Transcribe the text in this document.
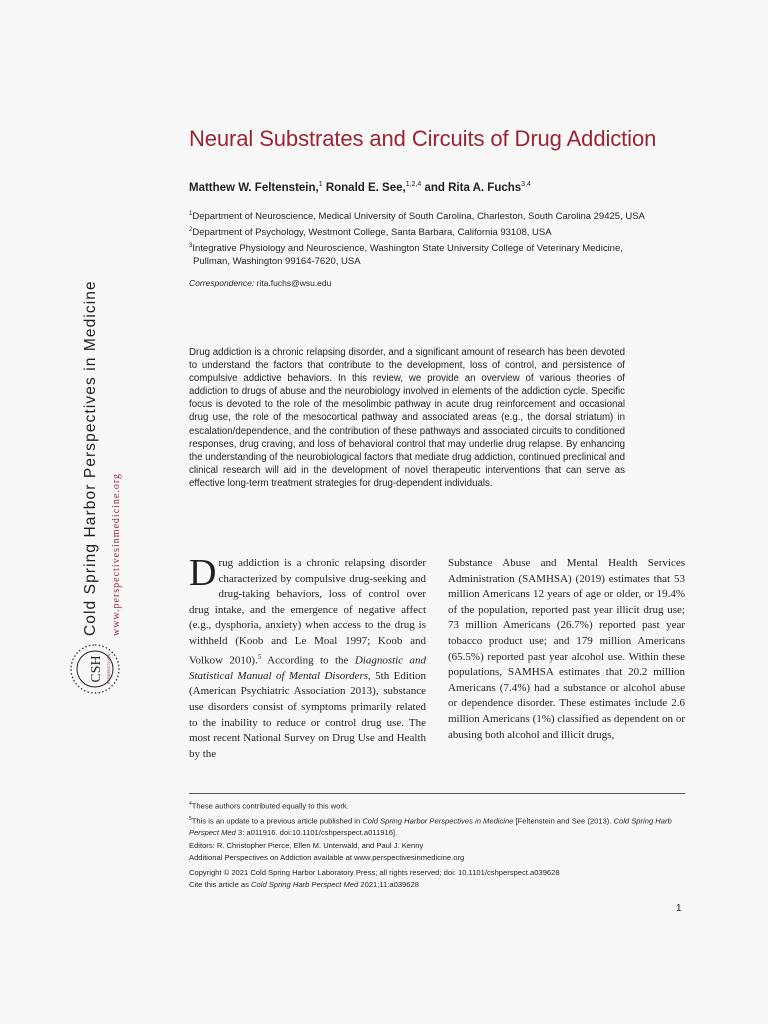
Cold Spring Harbor Perspectives in Medicine www.perspectivesinmedicine.org
CSH PERSPECTIVES
Neural Substrates and Circuits of Drug Addiction
Matthew W. Feltenstein,$^1$ Ronald E. See,$^{1,2,4}$ and Rita A. Fuchs$^{3,4}$
$^1$Department of Neuroscience, Medical University of South Carolina, Charleston, South Carolina 29425, USA
$^2$Department of Psychology, Westmont College, Santa Barbara, California 93108, USA
$^3$Integrative Physiology and Neuroscience, Washington State University College of Veterinary Medicine,
Pullman, Washington 99164-7620, USA
Correspondence: rita.fuchs@wsu.edu
Drug addiction is a chronic relapsing disorder, and a significant amount of research has been devoted to understand the factors that contribute to the development, loss of control, and persistence of compulsive addictive behaviors. In this review, we provide an overview of various theories of addiction to drugs of abuse and the neurobiology involved in elements of the addiction cycle. Specific focus is devoted to the role of the mesolimbic pathway in acute drug reinforcement and occasional drug use, the role of the mesocortical pathway and associated areas (e.g., the dorsal striatum) in escalation/dependence, and the contribution of these pathways and associated circuits to conditioned responses, drug craving, and loss of behavioral control that may underlie drug relapse. By enhancing the understanding of the neurobiological factors that mediate drug addiction, continued preclinical and clinical research will aid in the development of novel therapeutic interventions that can serve as effective long-term treatment strategies for drug-dependent individuals.
Drug addiction is a chronic relapsing disorder characterized by compulsive drug-seeking and drug-taking behaviors, loss of control over drug intake, and the emergence of negative affect (e.g., dysphoria, anxiety) when access to the drug is withheld (Koob and Le Moal 1997; Koob and Volkow 2010).$^5$ According to the Diagnostic and Statistical Manual of Mental Disorders, 5th Edition (American Psychiatric Association 2013), substance use disorders consist of symptoms primarily related to the inability to reduce or control drug use. The most recent National Survey on Drug Use and Health by the
Substance Abuse and Mental Health Services Administration (SAMHSA) (2019) estimates that 53 million Americans 12 years of age or older, or 19.4% of the population, reported past year illicit drug use; 73 million Americans (26.7%) reported past year tobacco product use; and 179 million Americans (65.5%) reported past year alcohol use. Within these populations, SAMHSA estimates that 20.2 million Americans (7.4%) had a substance or alcohol abuse or dependence disorder. These estimates include 2.6 million Americans (1%) classified as dependent on or abusing both alcohol and illicit drugs,
$^4$These authors contributed equally to this work.
$^5$This is an update to a previous article published in Cold Spring Harbor Perspectives in Medicine [Feltenstein and See (2013). Cold Spring Harb Perspect Med 3: a011916. doi:10.1101/cshperspect.a011916].
Editors: R. Christopher Pierce, Ellen M. Unterwald, and Paul J. Kenny
Additional Perspectives on Addiction available at www.perspectivesinmedicine.org
Copyright © 2021 Cold Spring Harbor Laboratory Press; all rights reserved; doi: 10.1101/cshperspect.a039628
Cite this article as Cold Spring Harb Perspect Med 2021;11:a039628
1
